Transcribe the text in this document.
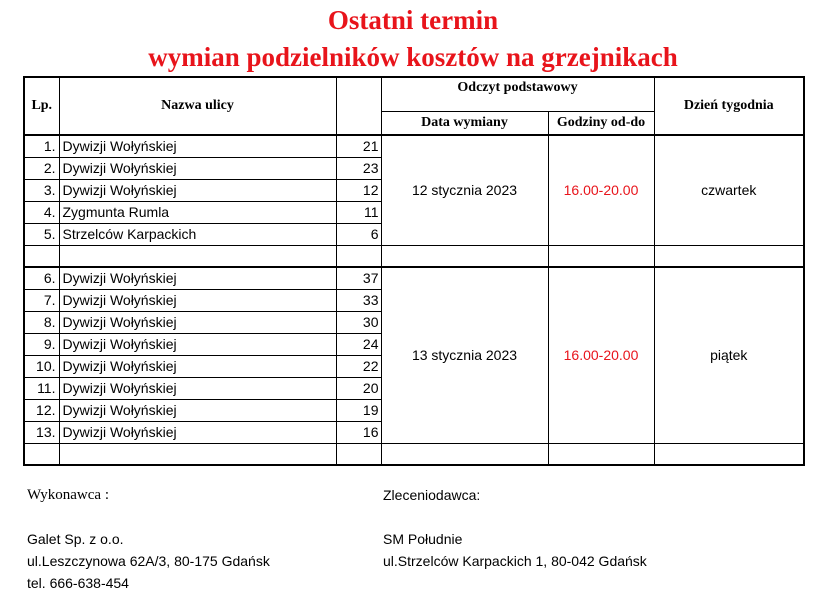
Ostatni termin
wymian podzielników kosztów na grzejnikach
Lp.	Nazwa ulicy		Odczyt podstawowy		Dzień tygodnia
			Data wymiany	Godziny od-do	
1.	Dywizji Wołyńskiej	21	12 stycznia 2023	16.00-20.00	czwartek
2.	Dywizji Wołyńskiej	23			
3.	Dywizji Wołyńskiej	12			
4.	Zygmunta Rumla	11			
5.	Strzelców Karpackich	6			

6.	Dywizji Wołyńskiej	37	13 stycznia 2023	16.00-20.00	piątek
7.	Dywizji Wołyńskiej	33			
8.	Dywizji Wołyńskiej	30			
9.	Dywizji Wołyńskiej	24			
10.	Dywizji Wołyńskiej	22			
11.	Dywizji Wołyńskiej	20			
12.	Dywizji Wołyńskiej	19			
13.	Dywizji Wołyńskiej	16			

Wykonawca :
Galet Sp. z o.o.
ul.Leszczynowa 62A/3, 80-175 Gdańsk
tel. 666-638-454
Zleceniodawca:
SM Południe
ul.Strzelców Karpackich 1, 80-042 Gdańsk
